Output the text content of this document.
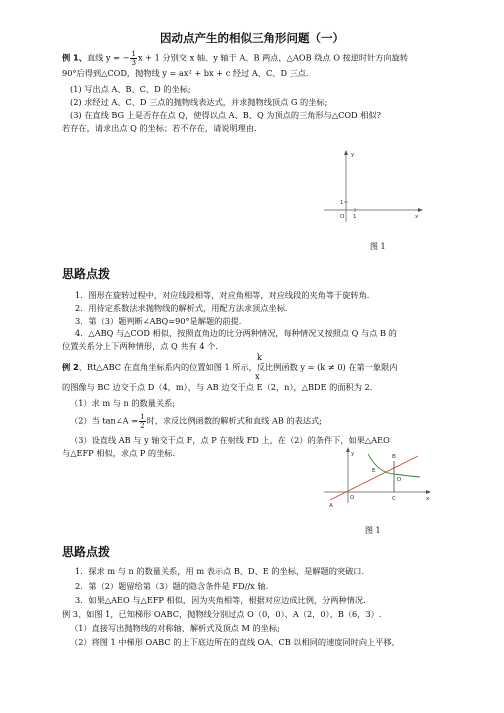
因动点产生的相似三角形问题（一）
例 1、直线 y = − $\frac{1}{3}$ x + 1 分别交 x 轴、y 轴于 A、B 两点，△AOB 绕点 O 按逆时针方向旋转
90°后得到△COD，抛物线 y = ax² + bx + c 经过 A、C、D 三点.
(1) 写出点 A、B、C、D 的坐标;
(2) 求经过 A、C、D 三点的抛物线表达式，并求抛物线顶点 G 的坐标;
(3) 在直线 BG 上是否存在点 Q，使得以点 A、B、Q 为顶点的三角形与△COD 相似?
若存在，请求出点 Q 的坐标；若不存在，请说明理由.
y
x
O 1
1
图 1
思路点拨
1．图形在旋转过程中，对应线段相等，对应角相等，对应线段的夹角等于旋转角.
2．用待定系数法求抛物线的解析式，用配方法求顶点坐标.
3．第（3）题判断∠ABQ=90°是解题的前提.
4．△ABQ 与△COD 相似，按照直角边的比分两种情况，每种情况又按照点 Q 与点 B 的
位置关系分上下两种情形，点 Q 共有 4 个.
k
例 2、Rt△ABC 在直角坐标系内的位置如图 1 所示，反比例函数 y = (k ≠ 0) 在第一象限内
x
的图像与 BC 边交于点 D（4，m），与 AB 边交于点 E（2，n），△BDE 的面积为 2.
（1）求 m 与 n 的数量关系;
（2）当 tan∠A = $\frac{1}{2}$ 时，求反比例函数的解析式和直线 AB 的表达式;
（3）设直线 AB 与 y 轴交于点 F，点 P 在射线 FD 上，在（2）的条件下，如果△AEO
与△EFP 相似，求点 P 的坐标.	y
x
B
E
D
A
O	C
图 1
思路点拨
1．探求 m 与 n 的数量关系，用 m 表示点 B、D、E 的坐标，是解题的突破口.
2．第（2）题留给第（3）题的隐含条件是 FD//x 轴.
3．如果△AEO 与△EFP 相似，因为夹角相等，根据对应边成比例，分两种情况.
例 3、如图 1，已知梯形 OABC，抛物线分别过点 O（0，0）、A（2，0）、B（6，3）.
（1）直接写出抛物线的对称轴、解析式及顶点 M 的坐标;
（2）将图 1 中梯形 OABC 的上下底边所在的直线 OA、CB 以相同的速度同时向上平移，
